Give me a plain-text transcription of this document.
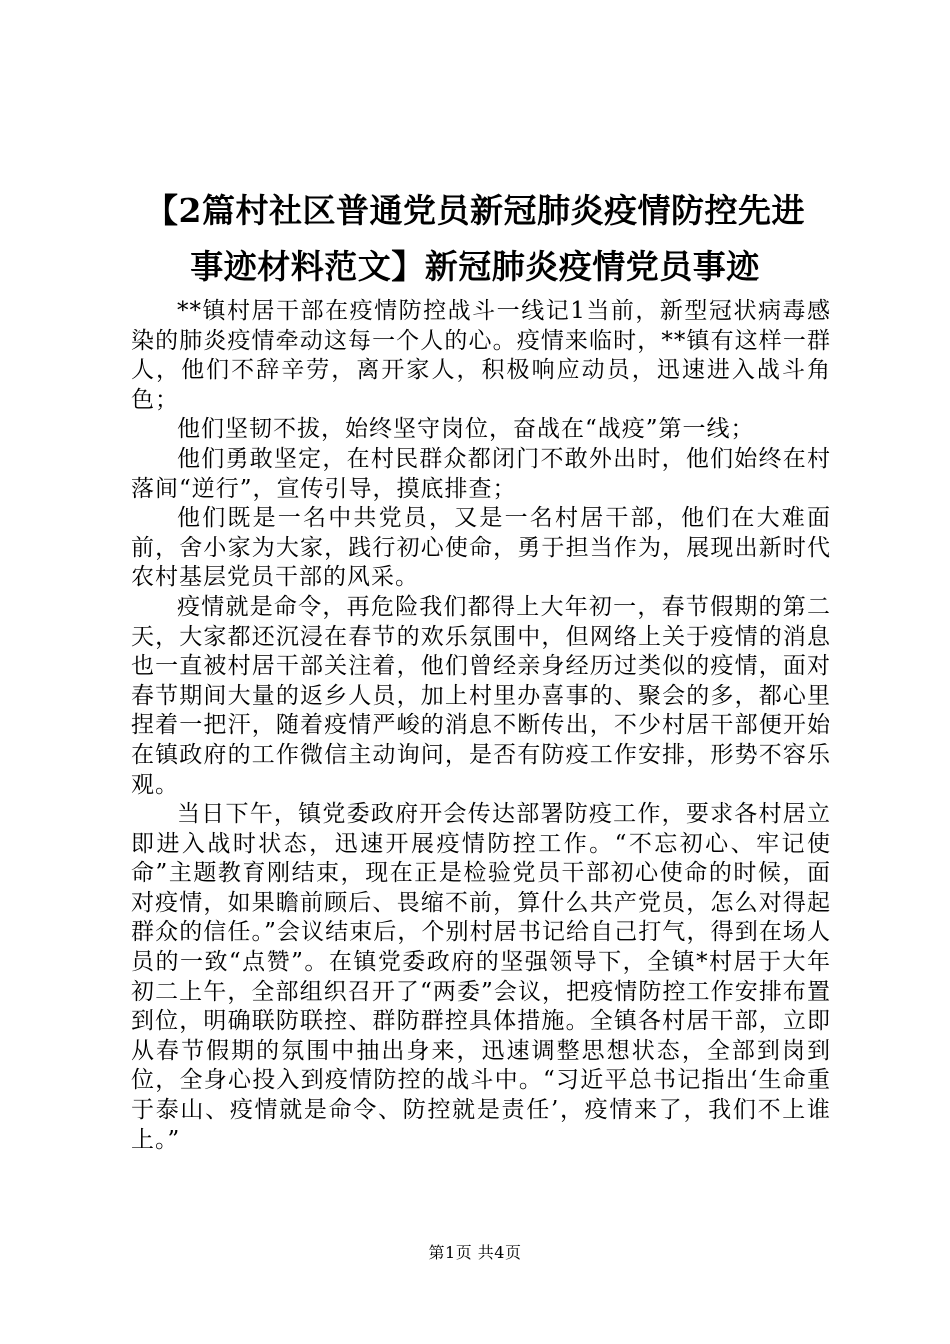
【2篇村社区普通党员新冠肺炎疫情防控先进
事迹材料范文】新冠肺炎疫情党员事迹

**镇村居干部在疫情防控战斗一线记1当前，新型冠状病毒感染的肺炎疫情牵动这每一个人的心。疫情来临时，**镇有这样一群人，他们不辞辛劳，离开家人，积极响应动员，迅速进入战斗角色；

他们坚韧不拔，始终坚守岗位，奋战在“战疫”第一线；

他们勇敢坚定，在村民群众都闭门不敢外出时，他们始终在村落间“逆行”，宣传引导，摸底排查；

他们既是一名中共党员，又是一名村居干部，他们在大难面前，舍小家为大家，践行初心使命，勇于担当作为，展现出新时代农村基层党员干部的风采。

疫情就是命令，再危险我们都得上大年初一，春节假期的第二天，大家都还沉浸在春节的欢乐氛围中，但网络上关于疫情的消息也一直被村居干部关注着，他们曾经亲身经历过类似的疫情，面对春节期间大量的返乡人员，加上村里办喜事的、聚会的多，都心里捏着一把汗，随着疫情严峻的消息不断传出，不少村居干部便开始在镇政府的工作微信主动询问，是否有防疫工作安排，形势不容乐观。

当日下午，镇党委政府开会传达部署防疫工作，要求各村居立即进入战时状态，迅速开展疫情防控工作。“不忘初心、牢记使命”主题教育刚结束，现在正是检验党员干部初心使命的时候，面对疫情，如果瞻前顾后、畏缩不前，算什么共产党员，怎么对得起群众的信任。”会议结束后，个别村居书记给自己打气，得到在场人员的一致“点赞”。在镇党委政府的坚强领导下，全镇*村居于大年初二上午，全部组织召开了“两委”会议，把疫情防控工作安排布置到位，明确联防联控、群防群控具体措施。全镇各村居干部，立即从春节假期的氛围中抽出身来，迅速调整思想状态，全部到岗到位，全身心投入到疫情防控的战斗中。“习近平总书记指出‘生命重于泰山、疫情就是命令、防控就是责任’，疫情来了，我们不上谁上。”

第1页 共4页
